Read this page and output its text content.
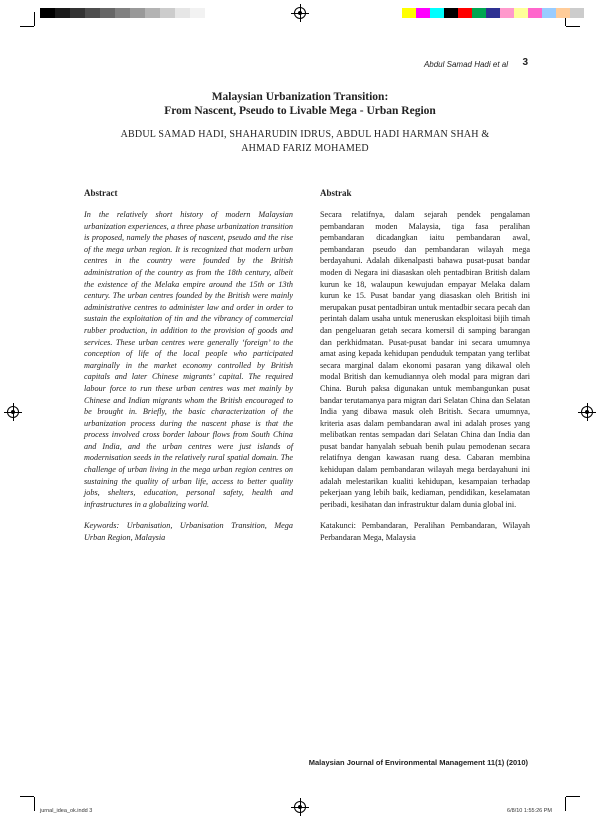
Abdul Samad Hadi et al 3
Malaysian Urbanization Transition:
From Nascent, Pseudo to Livable Mega - Urban Region
ABDUL SAMAD HADI, SHAHARUDIN IDRUS, ABDUL HADI HARMAN SHAH &
AHMAD FARIZ MOHAMED
Abstract

In the relatively short history of modern Malaysian urbanization experiences, a three phase urbanization transition is proposed, namely the phases of nascent, pseudo and the rise of the mega urban region. It is recognized that modern urban centres in the country were founded by the British administration of the country as from the 18th century, albeit the existence of the Melaka empire around the 15th or 13th century. The urban centres founded by the British were mainly administrative centres to administer law and order in order to sustain the exploitation of tin and the vibrancy of commercial rubber production, in addition to the provision of goods and services. These urban centres were generally ‘foreign’ to the conception of life of the local people who participated marginally in the market economy controlled by British capitals and later Chinese migrants’ capital. The required labour force to run these urban centres was met mainly by Chinese and Indian migrants whom the British encouraged to be brought in. Briefly, the basic characterization of the urbanization process during the nascent phase is that the process involved cross border labour flows from South China and India, and the urban centres were just islands of modernisation seeds in the relatively rural spatial domain. The challenge of urban living in the mega urban region centres on sustaining the quality of urban life, access to better quality jobs, shelters, education, personal safety, health and infrastructures in a globalizing world.

Keywords: Urbanisation, Urbanisation Transition, Mega Urban Region, Malaysia

Abstrak

Secara relatifnya, dalam sejarah pendek pengalaman pembandaran moden Malaysia, tiga fasa peralihan pembandaran dicadangkan iaitu pembandaran awal, pembandaran pseudo dan pembandaran wilayah mega berdayahuni. Adalah dikenalpasti bahawa pusat-pusat bandar moden di Negara ini diasaskan oleh pentadbiran British dalam kurun ke 18, walaupun kewujudan empayar Melaka dalam kurun ke 15. Pusat bandar yang diasaskan oleh British ini merupakan pusat pentadbiran untuk mentadbir secara pecah dan perintah dalam usaha untuk meneruskan eksploitasi bijih timah dan pengeluaran getah secara komersil di samping barangan dan perkhidmatan. Pusat-pusat bandar ini secara umumnya amat asing kepada kehidupan penduduk tempatan yang terlibat secara marginal dalam ekonomi pasaran yang dikawal oleh modal British dan kemudiannya oleh modal para migran dari China. Buruh paksa digunakan untuk membangunkan pusat bandar terutamanya para migran dari Selatan China dan Selatan India yang dibawa masuk oleh British. Secara umumnya, kriteria asas dalam pembandaran awal ini adalah proses yang melibatkan rentas sempadan dari Selatan China dan India dan pusat bandar hanyalah sebuah benih pulau pemodenan secara relatifnya dengan kawasan ruang desa. Cabaran membina kehidupan dalam pembandaran wilayah mega berdayahuni ini adalah melestarikan kualiti kehidupan, kesampaian terhadap pekerjaan yang lebih baik, kediaman, pendidikan, keselamatan peribadi, kesihatan dan infrastruktur dalam dunia global ini.

Katakunci: Pembandaran, Peralihan Pembandaran, Wilayah Perbandaran Mega, Malaysia

Malaysian Journal of Environmental Management 11(1) (2010)
jurnal_idea_ok.indd 3	6/8/10 1:55:26 PM
